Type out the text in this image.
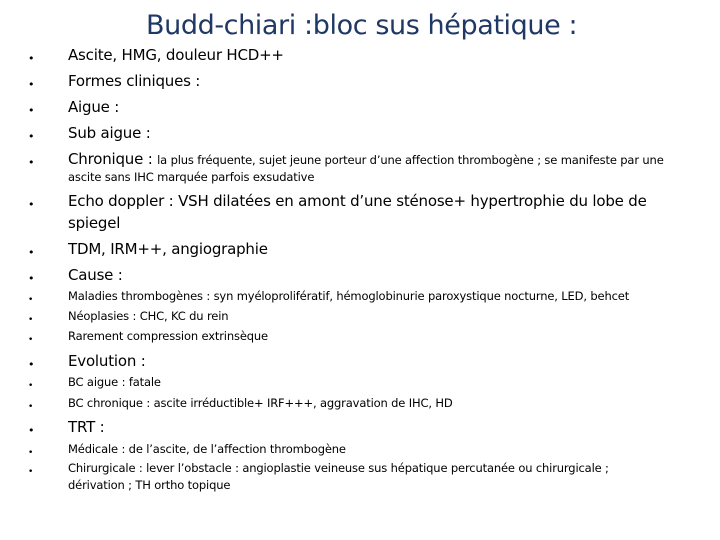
Budd-chiari :bloc sus hépatique :
• Ascite, HMG, douleur HCD++
• Formes cliniques :
• Aigue :
• Sub aigue :
• Chronique : la plus fréquente, sujet jeune porteur d’une affection thrombogène ; se manifeste par une
ascite sans IHC marquée parfois exsudative
• Echo doppler : VSH dilatées en amont d’une sténose+ hypertrophie du lobe de spiegel
• TDM, IRM++, angiographie
• Cause :
•	Maladies thrombogènes : syn myéloprolifératif, hémoglobinurie paroxystique nocturne, LED, behcet
•	Néoplasies : CHC, KC du rein
•	Rarement compression extrinsèque
• Evolution :
•	BC aigue : fatale
•	BC chronique : ascite irréductible+ IRF+++, aggravation de IHC, HD
• TRT :
•	Médicale : de l’ascite, de l’affection thrombogène
•	Chirurgicale : lever l’obstacle : angioplastie veineuse sus hépatique percutanée ou chirurgicale ; dérivation ; TH ortho topique
